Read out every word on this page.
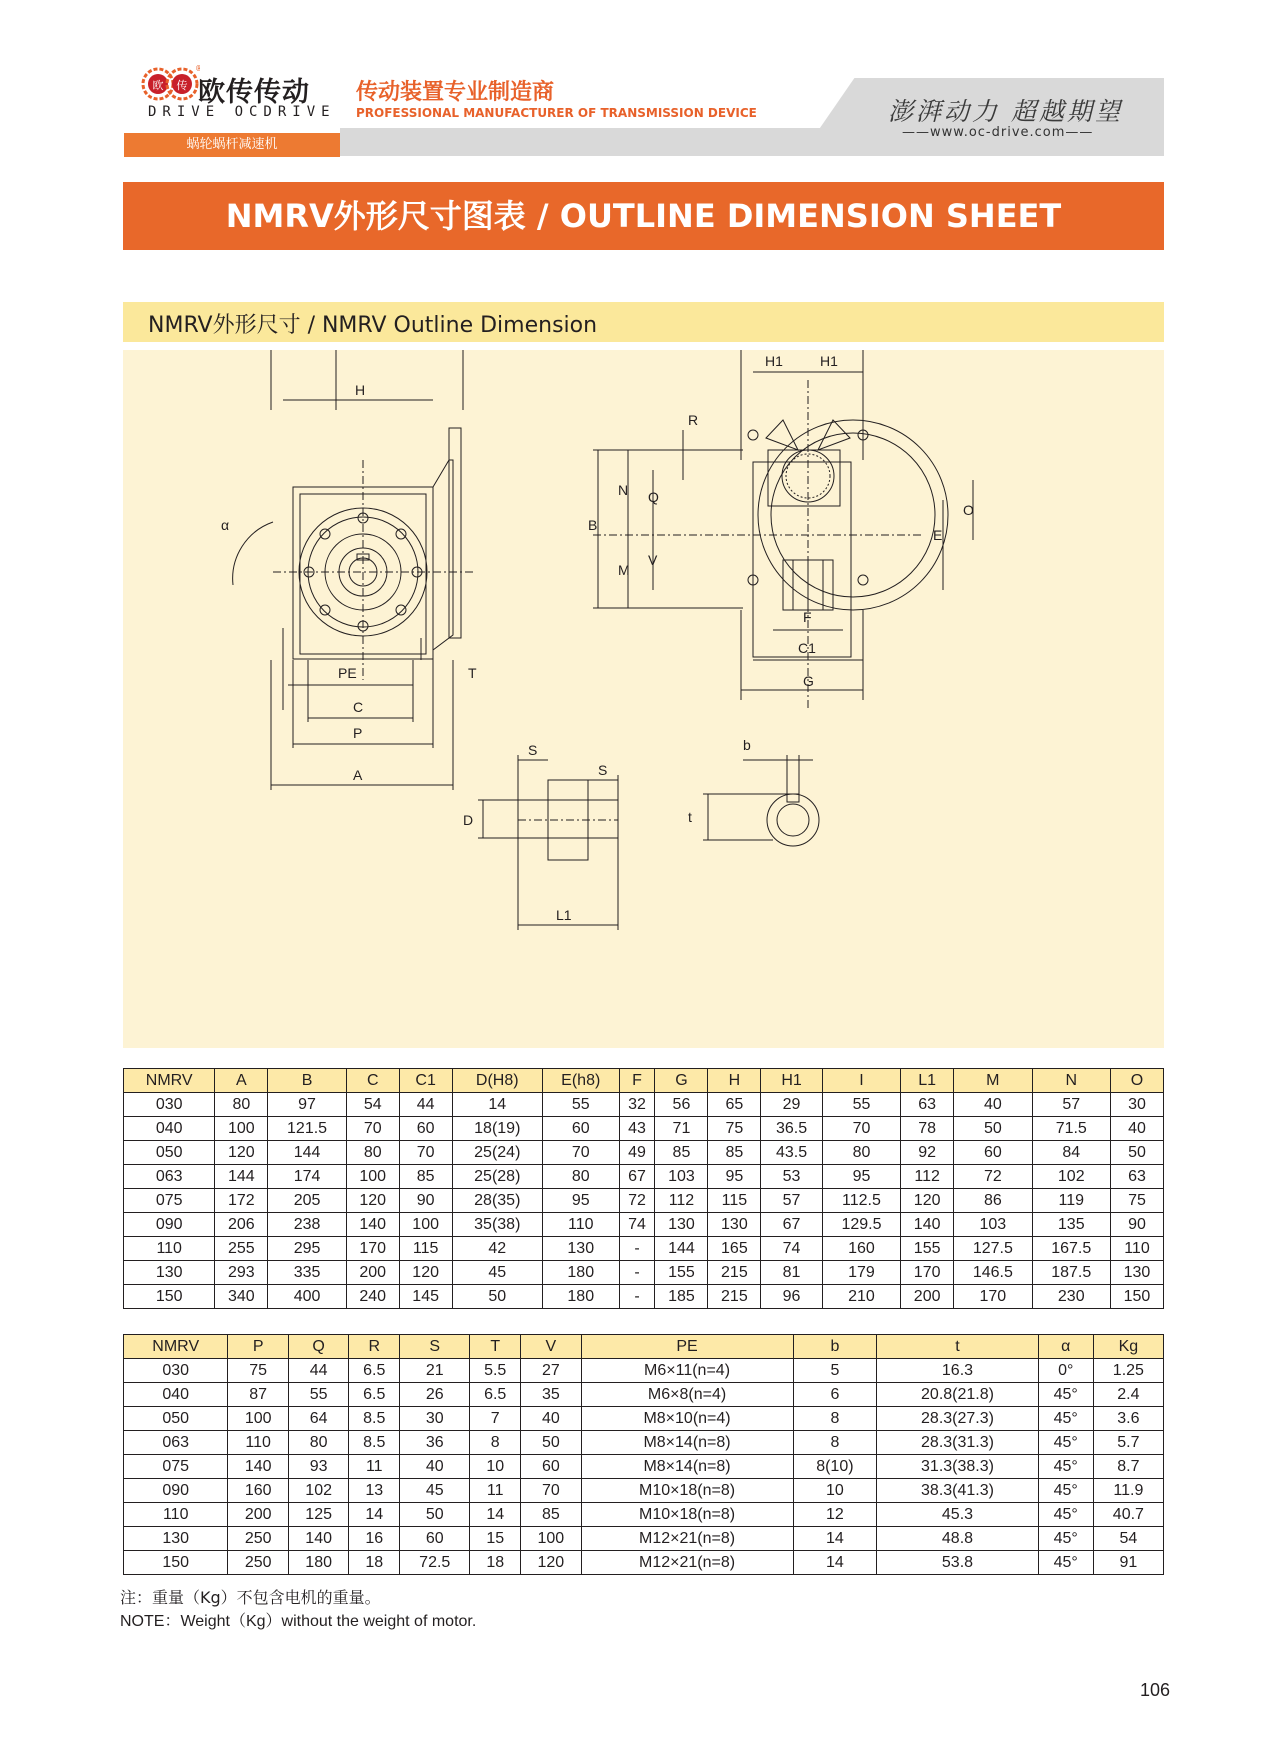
欧 传
®
欧传传动
DRIVE OCDRIVE
传动装置专业制造商
PROFESSIONAL MANUFACTURER OF TRANSMISSION DEVICE	澎湃动力 超越期望
——www.oc-drive.com——
蜗轮蜗杆减速机
NMRV外形尺寸图表 / OUTLINE DIMENSION SHEET
NMRV外形尺寸 / NMRV Outline Dimension
H
α
PE
C
P
A
T
H1	H1
R
B
N Q
M
V
O
E
F
C1
G
S
S
D
L1
b
t
NMRV	A	B	C	C1	D(H8)	E(h8)	F	G	H	H1	I	L1	M	N	O
030	80	97	54	44	14	55	32	56	65	29	55	63	40	57	30
040	100	121.5	70	60	18(19)	60	43	71	75	36.5	70	78	50	71.5	40
050	120	144	80	70	25(24)	70	49	85	85	43.5	80	92	60	84	50
063	144	174	100	85	25(28)	80	67	103	95	53	95	112	72	102	63
075	172	205	120	90	28(35)	95	72	112	115	57	112.5	120	86	119	75
090	206	238	140	100	35(38)	110	74	130	130	67	129.5	140	103	135	90
110	255	295	170	115	42	130	-	144	165	74	160	155	127.5	167.5	110
130	293	335	200	120	45	180	-	155	215	81	179	170	146.5	187.5	130
150	340	400	240	145	50	180	-	185	215	96	210	200	170	230	150
NMRV	P	Q	R	S	T	V	PE	b	t	α	Kg
030	75	44	6.5	21	5.5	27	M6×11(n=4)	5	16.3	0°	1.25
040	87	55	6.5	26	6.5	35	M6×8(n=4)	6	20.8(21.8)	45°	2.4
050	100	64	8.5	30	7	40	M8×10(n=4)	8	28.3(27.3)	45°	3.6
063	110	80	8.5	36	8	50	M8×14(n=8)	8	28.3(31.3)	45°	5.7
075	140	93	11	40	10	60	M8×14(n=8)	8(10)	31.3(38.3)	45°	8.7
090	160	102	13	45	11	70	M10×18(n=8)	10	38.3(41.3)	45°	11.9
110	200	125	14	50	14	85	M10×18(n=8)	12	45.3	45°	40.7
130	250	140	16	60	15	100	M12×21(n=8)	14	48.8	45°	54
150	250	180	18	72.5	18	120	M12×21(n=8)	14	53.8	45°	91
注：重量（Kg）不包含电机的重量。
NOTE：Weight（Kg）without the weight of motor.
106
